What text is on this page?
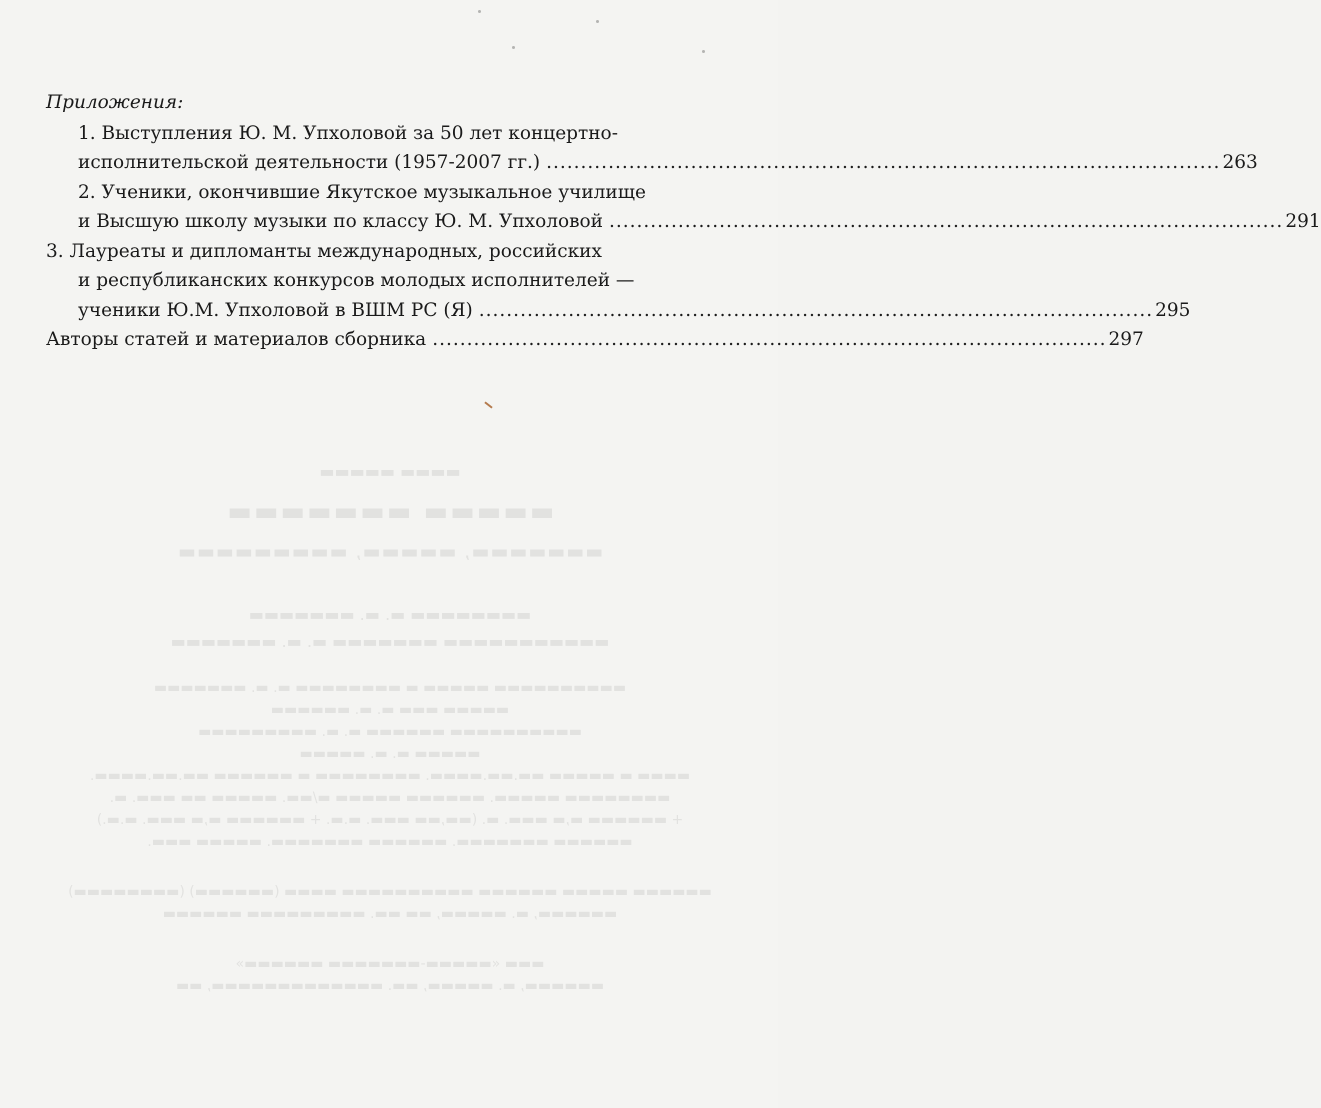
Приложения:
1. Выступления Ю. М. Упхоловой за 50 лет концертно-
исполнительской деятельности (1957-2007 гг.) .................................................................................................. 263
2. Ученики, окончившие Якутское музыкальное училище
и Высшую школу музыки по классу Ю. М. Упхоловой .................................................................................................. 291
3. Лауреаты и дипломанты международных, российских
и республиканских конкурсов молодых исполнителей —
ученики Ю.М. Упхоловой в ВШМ РС (Я) .................................................................................................. 295
Авторы статей и материалов сборника .................................................................................................. 297
▬▬▬▬ ▬▬▬▬▬
▬▬▬▬▬ ▬▬▬▬▬▬▬
▬▬▬▬▬▬▬, ▬▬▬▬▬, ▬▬▬▬▬▬▬▬▬
▬▬▬▬▬▬▬▬ ▬. ▬. ▬▬▬▬▬▬▬
▬▬▬▬▬▬▬▬▬▬▬ ▬▬▬▬▬▬▬ ▬. ▬. ▬▬▬▬▬▬▬
▬▬▬▬▬▬▬▬▬▬ ▬▬▬▬▬ ▬ ▬▬▬▬▬▬▬▬ ▬. ▬. ▬▬▬▬▬▬▬
▬▬▬▬▬ ▬▬▬ ▬. ▬. ▬▬▬▬▬▬
▬▬▬▬▬▬▬▬▬▬ ▬▬▬▬▬▬ ▬. ▬. ▬▬▬▬▬▬▬▬▬
▬▬▬▬▬ ▬. ▬. ▬▬▬▬▬
▬▬▬▬ ▬ ▬▬▬▬▬ ▬▬.▬▬.▬▬▬▬. ▬▬▬▬▬▬▬▬ ▬ ▬▬▬▬▬▬ ▬▬.▬▬.▬▬▬▬.
▬▬▬▬▬▬▬▬ ▬▬▬▬▬. ▬▬▬▬▬▬ ▬▬▬▬▬ ▬/▬▬. ▬▬▬▬▬ ▬▬ ▬▬▬. ▬.
+ ▬▬▬▬▬▬ ▬,▬ ▬▬▬. ▬. (▬▬,▬▬ ▬▬▬. ▬.▬. + ▬▬▬▬▬▬ ▬,▬ ▬▬▬. ▬.▬.)
▬▬▬▬▬▬ ▬▬▬▬▬▬▬. ▬▬▬▬▬▬ ▬▬▬▬▬▬▬. ▬▬▬▬▬ ▬▬▬.
▬▬▬▬▬▬ ▬▬▬▬▬ ▬▬▬▬▬▬ ▬▬▬▬▬▬▬▬▬▬ ▬▬▬▬ (▬▬▬▬▬▬) (▬▬▬▬▬▬▬▬)
▬▬▬▬▬▬, ▬. ▬▬▬▬▬, ▬▬ ▬▬. ▬▬▬▬▬▬▬▬▬ ▬▬▬▬▬▬
▬▬▬ «▬▬▬▬▬-▬▬▬▬▬▬▬ ▬▬▬▬▬▬»
▬▬▬▬▬▬, ▬. ▬▬▬▬▬, ▬▬. ▬▬▬▬▬▬▬▬▬▬▬▬▬, ▬▬
